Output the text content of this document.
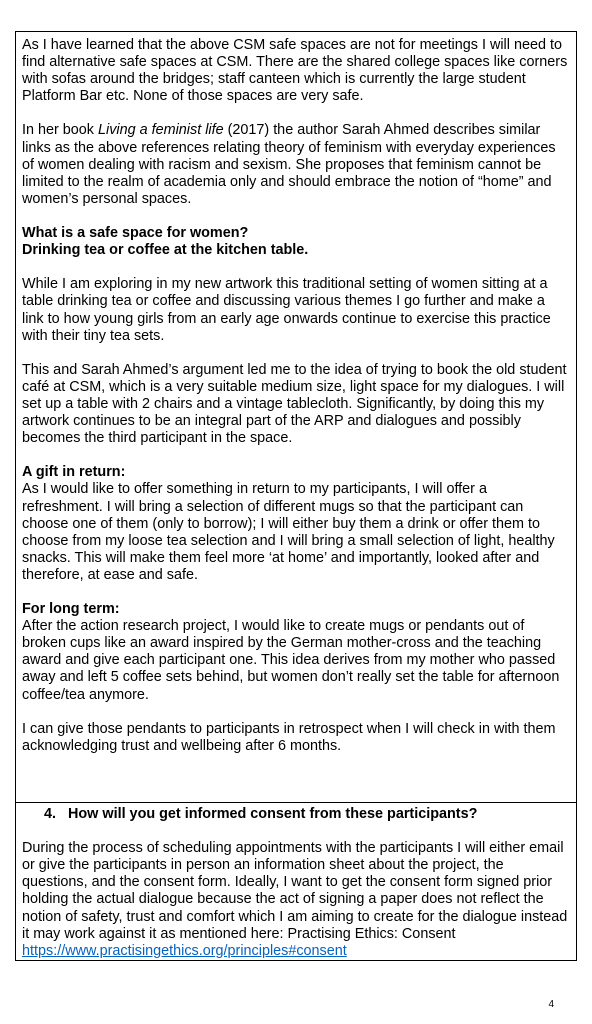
As I have learned that the above CSM safe spaces are not for meetings I will need to find alternative safe spaces at CSM. There are the shared college spaces like corners with sofas around the bridges; staff canteen which is currently the large student Platform Bar etc. None of those spaces are very safe.

In her book Living a feminist life (2017) the author Sarah Ahmed describes similar links as the above references relating theory of feminism with everyday experiences of women dealing with racism and sexism. She proposes that feminism cannot be limited to the realm of academia only and should embrace the notion of “home” and women’s personal spaces.

What is a safe space for women?
Drinking tea or coffee at the kitchen table.

While I am exploring in my new artwork this traditional setting of women sitting at a table drinking tea or coffee and discussing various themes I go further and make a link to how young girls from an early age onwards continue to exercise this practice with their tiny tea sets.

This and Sarah Ahmed’s argument led me to the idea of trying to book the old student café at CSM, which is a very suitable medium size, light space for my dialogues. I will set up a table with 2 chairs and a vintage tablecloth. Significantly, by doing this my artwork continues to be an integral part of the ARP and dialogues and possibly becomes the third participant in the space.

A gift in return:

As I would like to offer something in return to my participants, I will offer a refreshment. I will bring a selection of different mugs so that the participant can choose one of them (only to borrow); I will either buy them a drink or offer them to choose from my loose tea selection and I will bring a small selection of light, healthy snacks. This will make them feel more ‘at home’ and importantly, looked after and therefore, at ease and safe.

For long term:

After the action research project, I would like to create mugs or pendants out of broken cups like an award inspired by the German mother-cross and the teaching award and give each participant one. This idea derives from my mother who passed away and left 5 coffee sets behind, but women don’t really set the table for afternoon coffee/tea anymore.

I can give those pendants to participants in retrospect when I will check in with them acknowledging trust and wellbeing after 6 months.

4. How will you get informed consent from these participants?

During the process of scheduling appointments with the participants I will either email or give the participants in person an information sheet about the project, the questions, and the consent form. Ideally, I want to get the consent form signed prior holding the actual dialogue because the act of signing a paper does not reflect the notion of safety, trust and comfort which I am aiming to create for the dialogue instead it may work against it as mentioned here: Practising Ethics: Consent https://www.practisingethics.org/principles#consent

4
